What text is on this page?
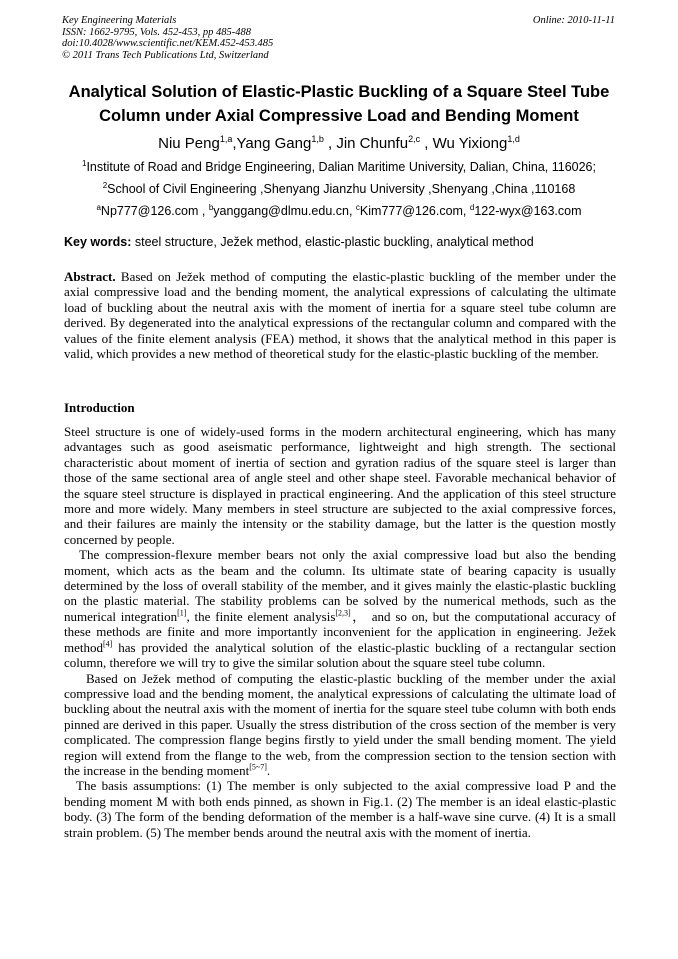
Key Engineering Materials
ISSN: 1662-9795, Vols. 452-453, pp 485-488
doi:10.4028/www.scientific.net/KEM.452-453.485
© 2011 Trans Tech Publications Ltd, Switzerland
Online: 2010-11-11
Analytical Solution of Elastic-Plastic Buckling of a Square Steel Tube
Column under Axial Compressive Load and Bending Moment
Niu Peng$^{1,a}$,Yang Gang$^{1,b}$ , Jin Chunfu$^{2,c}$ , Wu Yixiong$^{1,d}$
$^1$Institute of Road and Bridge Engineering, Dalian Maritime University, Dalian, China, 116026;
$^2$School of Civil Engineering ,Shenyang Jianzhu University ,Shenyang ,China ,110168
$^a$Np777@126.com , $^b$yanggang@dlmu.edu.cn, $^c$Kim777@126.com, $^d$122-wyx@163.com
Key words: steel structure, Ježek method, elastic-plastic buckling, analytical method

Abstract. Based on Ježek method of computing the elastic-plastic buckling of the member under the axial compressive load and the bending moment, the analytical expressions of calculating the ultimate load of buckling about the neutral axis with the moment of inertia for a square steel tube column are derived. By degenerated into the analytical expressions of the rectangular column and compared with the values of the finite element analysis (FEA) method, it shows that the analytical method in this paper is valid, which provides a new method of theoretical study for the elastic-plastic buckling of the member.

Introduction

Steel structure is one of widely-used forms in the modern architectural engineering, which has many advantages such as good aseismatic performance, lightweight and high strength. The sectional characteristic about moment of inertia of section and gyration radius of the square steel is larger than those of the same sectional area of angle steel and other shape steel. Favorable mechanical behavior of the square steel structure is displayed in practical engineering. And the application of this steel structure more and more widely. Many members in steel structure are subjected to the axial compressive forces, and their failures are mainly the intensity or the stability damage, but the latter is the question mostly concerned by people.

The compression-flexure member bears not only the axial compressive load but also the bending moment, which acts as the beam and the column. Its ultimate state of bearing capacity is usually determined by the loss of overall stability of the member, and it gives mainly the elastic-plastic buckling on the plastic material. The stability problems can be solved by the numerical methods, such as the numerical integration[1], the finite element analysis[2,3]， and so on, but the computational accuracy of these methods are finite and more importantly inconvenient for the application in engineering. Ježek method[4] has provided the analytical solution of the elastic-plastic buckling of a rectangular section column, therefore we will try to give the similar solution about the square steel tube column.

Based on Ježek method of computing the elastic-plastic buckling of the member under the axial compressive load and the bending moment, the analytical expressions of calculating the ultimate load of buckling about the neutral axis with the moment of inertia for the square steel tube column with both ends pinned are derived in this paper. Usually the stress distribution of the cross section of the member is very complicated. The compression flange begins firstly to yield under the small bending moment. The yield region will extend from the flange to the web, from the compression section to the tension section with the increase in the bending moment[5~7].

The basis assumptions: (1) The member is only subjected to the axial compressive load P and the bending moment M with both ends pinned, as shown in Fig.1. (2) The member is an ideal elastic-plastic body. (3) The form of the bending deformation of the member is a half-wave sine curve. (4) It is a small strain problem. (5) The member bends around the neutral axis with the moment of inertia.
